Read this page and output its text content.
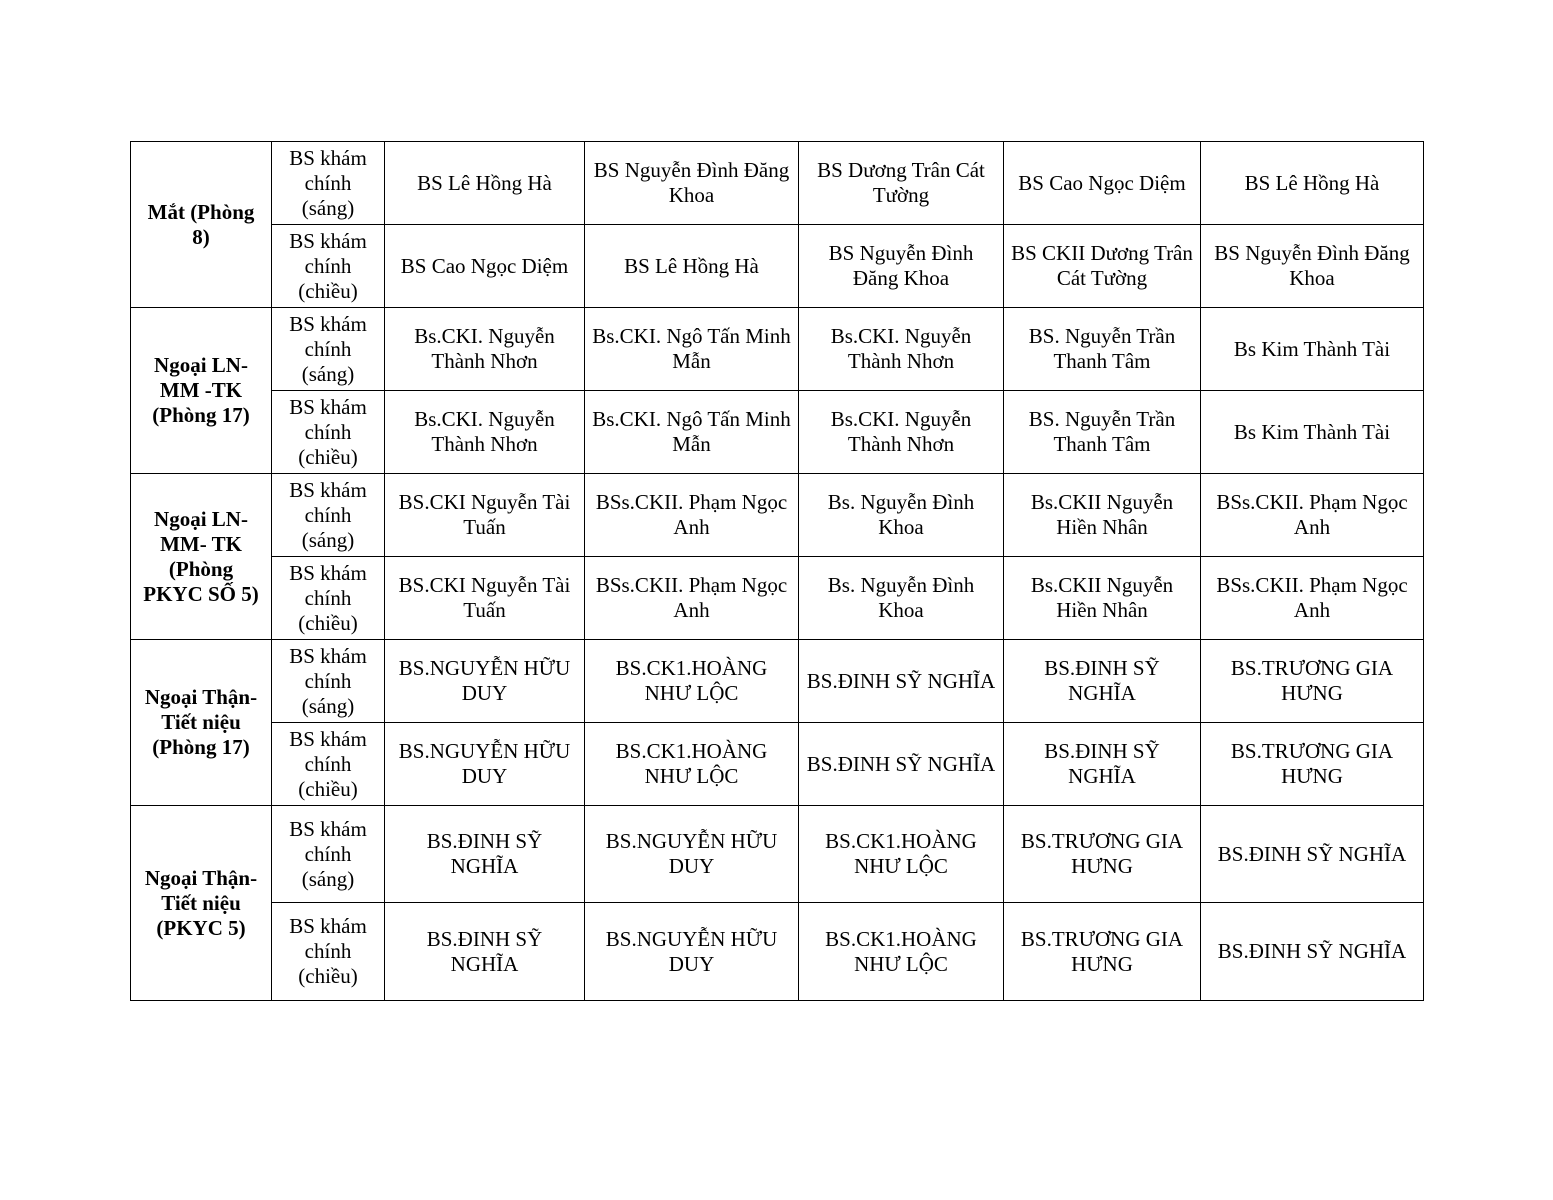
Mắt (Phòng 8)	BS khám chính (sáng)	BS Lê Hồng Hà	BS Nguyễn Đình Đăng Khoa	BS Dương Trân Cát Tường	BS Cao Ngọc Diệm	BS Lê Hồng Hà
	BS khám chính (chiều)	BS Cao Ngọc Diệm	BS Lê Hồng Hà	BS Nguyễn Đình Đăng Khoa	BS CKII Dương Trân Cát Tường	BS Nguyễn Đình Đăng Khoa
Ngoại LN-MM -TK (Phòng 17)	BS khám chính (sáng)	Bs.CKI. Nguyễn Thành Nhơn	Bs.CKI. Ngô Tấn Minh Mẫn	Bs.CKI. Nguyễn Thành Nhơn	BS. Nguyễn Trần Thanh Tâm	Bs Kim Thành Tài
	BS khám chính (chiều)	Bs.CKI. Nguyễn Thành Nhơn	Bs.CKI. Ngô Tấn Minh Mẫn	Bs.CKI. Nguyễn Thành Nhơn	BS. Nguyễn Trần Thanh Tâm	Bs Kim Thành Tài
Ngoại LN-MM- TK (Phòng PKYC SỐ 5)	BS khám chính (sáng)	BS.CKI Nguyễn Tài Tuấn	BSs.CKII. Phạm Ngọc Anh	Bs. Nguyễn Đình Khoa	Bs.CKII Nguyễn Hiền Nhân	BSs.CKII. Phạm Ngọc Anh
	BS khám chính (chiều)	BS.CKI Nguyễn Tài Tuấn	BSs.CKII. Phạm Ngọc Anh	Bs. Nguyễn Đình Khoa	Bs.CKII Nguyễn Hiền Nhân	BSs.CKII. Phạm Ngọc Anh
Ngoại Thận-Tiết niệu (Phòng 17)	BS khám chính (sáng)	BS.NGUYỄN HỮU DUY	BS.CK1.HOÀNG NHƯ LỘC	BS.ĐINH SỸ NGHĨA	BS.ĐINH SỸ NGHĨA	BS.TRƯƠNG GIA HƯNG
	BS khám chính (chiều)	BS.NGUYỄN HỮU DUY	BS.CK1.HOÀNG NHƯ LỘC	BS.ĐINH SỸ NGHĨA	BS.ĐINH SỸ NGHĨA	BS.TRƯƠNG GIA HƯNG
Ngoại Thận-Tiết niệu (PKYC 5)	BS khám chính (sáng)	BS.ĐINH SỸ NGHĨA	BS.NGUYỄN HỮU DUY	BS.CK1.HOÀNG NHƯ LỘC	BS.TRƯƠNG GIA HƯNG	BS.ĐINH SỸ NGHĨA
	BS khám chính (chiều)	BS.ĐINH SỸ NGHĨA	BS.NGUYỄN HỮU DUY	BS.CK1.HOÀNG NHƯ LỘC	BS.TRƯƠNG GIA HƯNG	BS.ĐINH SỸ NGHĨA
